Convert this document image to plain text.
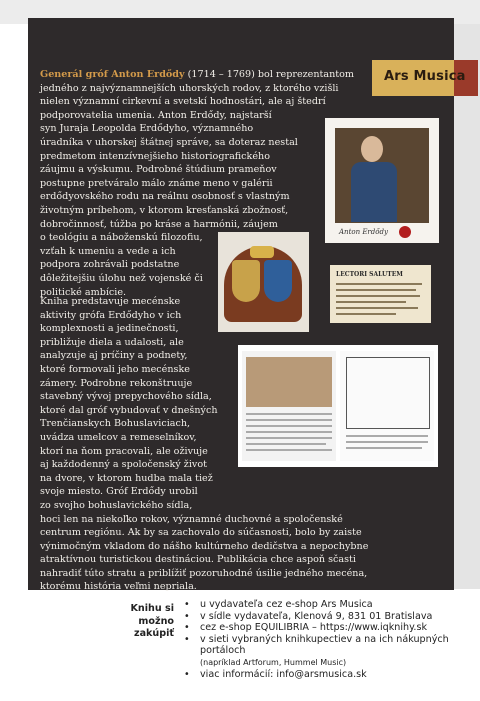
Ars Musica

Generál gróf Anton Erdődy (1714 – 1769) bol reprezentantom

jedného z najvýznamnejších uhorských rodov, z ktorého vzišli

nielen významní cirkevní a svetskí hodnostári, ale aj štedrí

podporovatelia umenia. Anton Erdődy, najstarší

syn Juraja Leopolda Erdődyho, významného

úradníka v uhorskej štátnej správe, sa doteraz nestal

predmetom intenzívnejšieho historiografického

záujmu a výskumu. Podrobné štúdium prameňov

postupne pretváralo málo známe meno v galérii

erdődyovského rodu na reálnu osobnosť s vlastným

životným príbehom, v ktorom kresťanská zbožnosť,

dobročinnosť, túžba po kráse a harmónii, záujem

o teológiu a náboženskú filozofiu,

vzťah k umeniu a vede a ich

podpora zohrávali podstatne

dôležitejšiu úlohu než vojenské či

politické ambície.

Kniha predstavuje mecénske

aktivity grófa Erdődyho v ich

komplexnosti a jedinečnosti,

približuje diela a udalosti, ale

analyzuje aj príčiny a podnety,

ktoré formovali jeho mecénske

zámery. Podrobne rekonštruuje

stavebný vývoj prepychového sídla,

ktoré dal gróf vybudovať v dnešných

Trenčianskych Bohuslaviciach,

uvádza umelcov a remeselníkov,

ktorí na ňom pracovali, ale oživuje

aj každodenný a spoločenský život

na dvore, v ktorom hudba mala tiež

svoje miesto. Gróf Erdődy urobil

zo svojho bohuslavického sídla,

hoci len na niekoľko rokov, významné duchovné a spoločenské

centrum regiónu. Ak by sa zachovalo do súčasnosti, bolo by zaiste

výnimočným vkladom do nášho kultúrneho dedičstva a nepochybne

atraktívnou turistickou destináciou. Publikácia chce aspoň sčasti

nahradiť túto stratu a priblížiť pozoruhodné úsilie jedného mecéna,

ktorému história veľmi nepriala.

Anton Erdődy
LECTORI SALUTEM
Knihu si možno
zakúpiť
• u vydavateľa cez e-shop Ars Musica
• v sídle vydavateľa, Klenová 9, 831 01 Bratislava
• cez e-shop EQUILIBRIA – https://www.iqknihy.sk
• v sieti vybraných knihkupectiev a na ich nákupných portáloch
(napríklad Artforum, Hummel Music)
• viac informácií: info@arsmusica.sk
